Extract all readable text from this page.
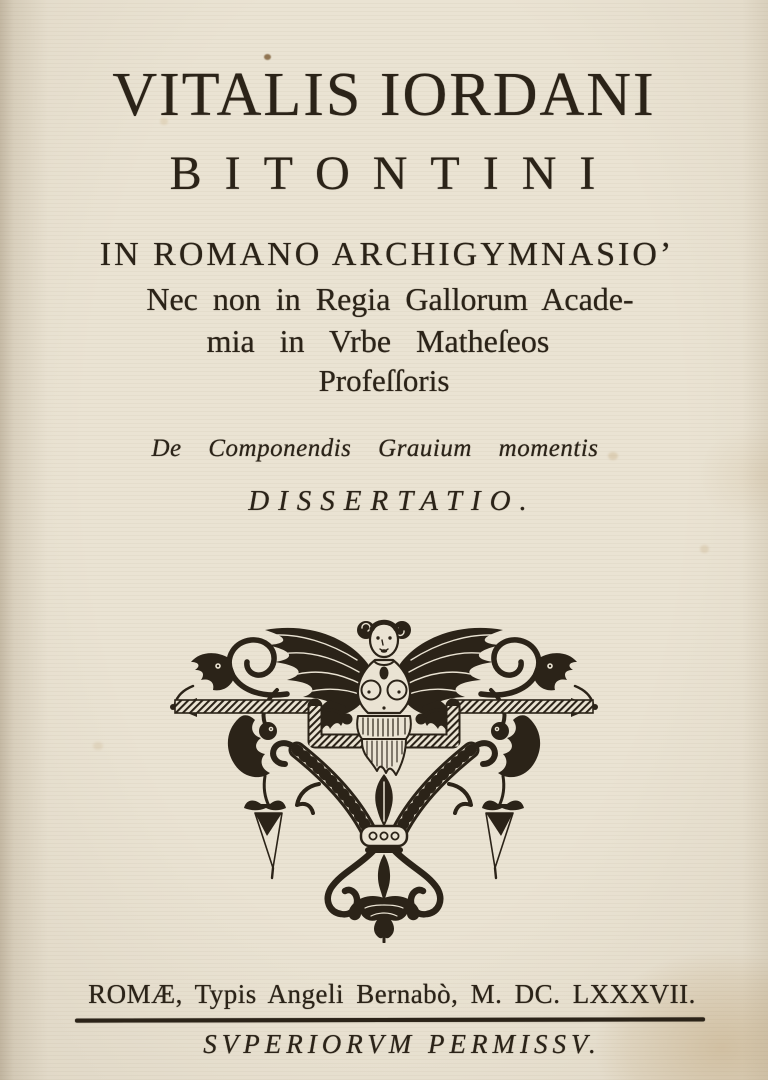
VITALIS IORDANI
BITONTINI
IN ROMANO ARCHIGYMNASIO’
Nec non in Regia Gallorum Acade-
mia in Vrbe Matheſeos
Profeſſoris
De Componendis Grauium momentis
DISSERTATIO.
ROMÆ, Typis Angeli Bernabò, M. DC. LXXXVII.
SVPERIORVM PERMISSV.
